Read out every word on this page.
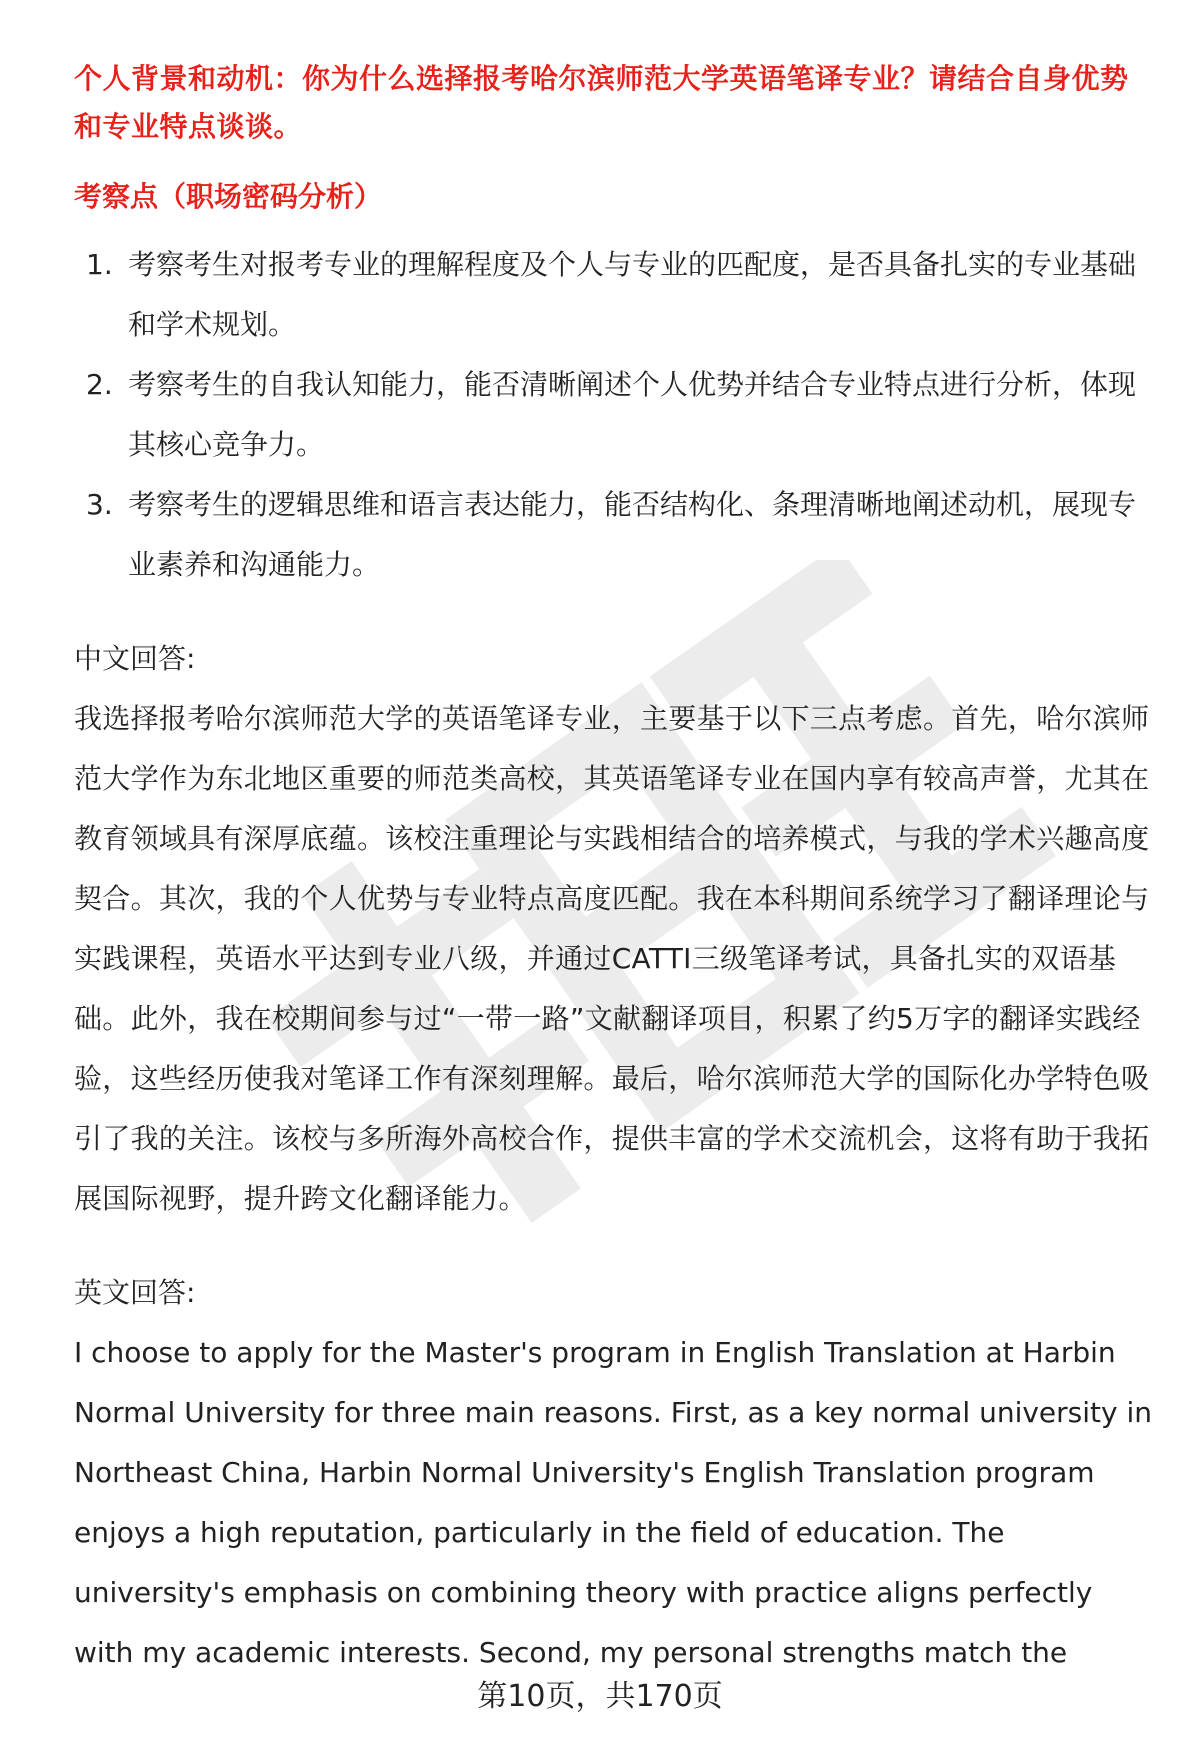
个人背景和动机：你为什么选择报考哈尔滨师范大学英语笔译专业？请结合自身优势和专业特点谈谈。

考察点（职场密码分析）

1. 考察考生对报考专业的理解程度及个人与专业的匹配度，是否具备扎实的专业基础和学术规划。
2. 考察考生的自我认知能力，能否清晰阐述个人优势并结合专业特点进行分析，体现其核心竞争力。
3. 考察考生的逻辑思维和语言表达能力，能否结构化、条理清晰地阐述动机，展现专业素养和沟通能力。

中文回答:

我选择报考哈尔滨师范大学的英语笔译专业，主要基于以下三点考虑。首先，哈尔滨师范大学作为东北地区重要的师范类高校，其英语笔译专业在国内享有较高声誉，尤其在教育领域具有深厚底蕴。该校注重理论与实践相结合的培养模式，与我的学术兴趣高度契合。其次，我的个人优势与专业特点高度匹配。我在本科期间系统学习了翻译理论与实践课程，英语水平达到专业八级，并通过CATTI三级笔译考试，具备扎实的双语基础。此外，我在校期间参与过“一带一路”文献翻译项目，积累了约5万字的翻译实践经验，这些经历使我对笔译工作有深刻理解。最后，哈尔滨师范大学的国际化办学特色吸引了我的关注。该校与多所海外高校合作，提供丰富的学术交流机会，这将有助于我拓展国际视野，提升跨文化翻译能力。

英文回答:

I choose to apply for the Master's program in English Translation at Harbin Normal University for three main reasons. First, as a key normal university in Northeast China, Harbin Normal University's English Translation program enjoys a high reputation, particularly in the field of education. The university's emphasis on combining theory with practice aligns perfectly with my academic interests. Second, my personal strengths match the

第10页，共170页
